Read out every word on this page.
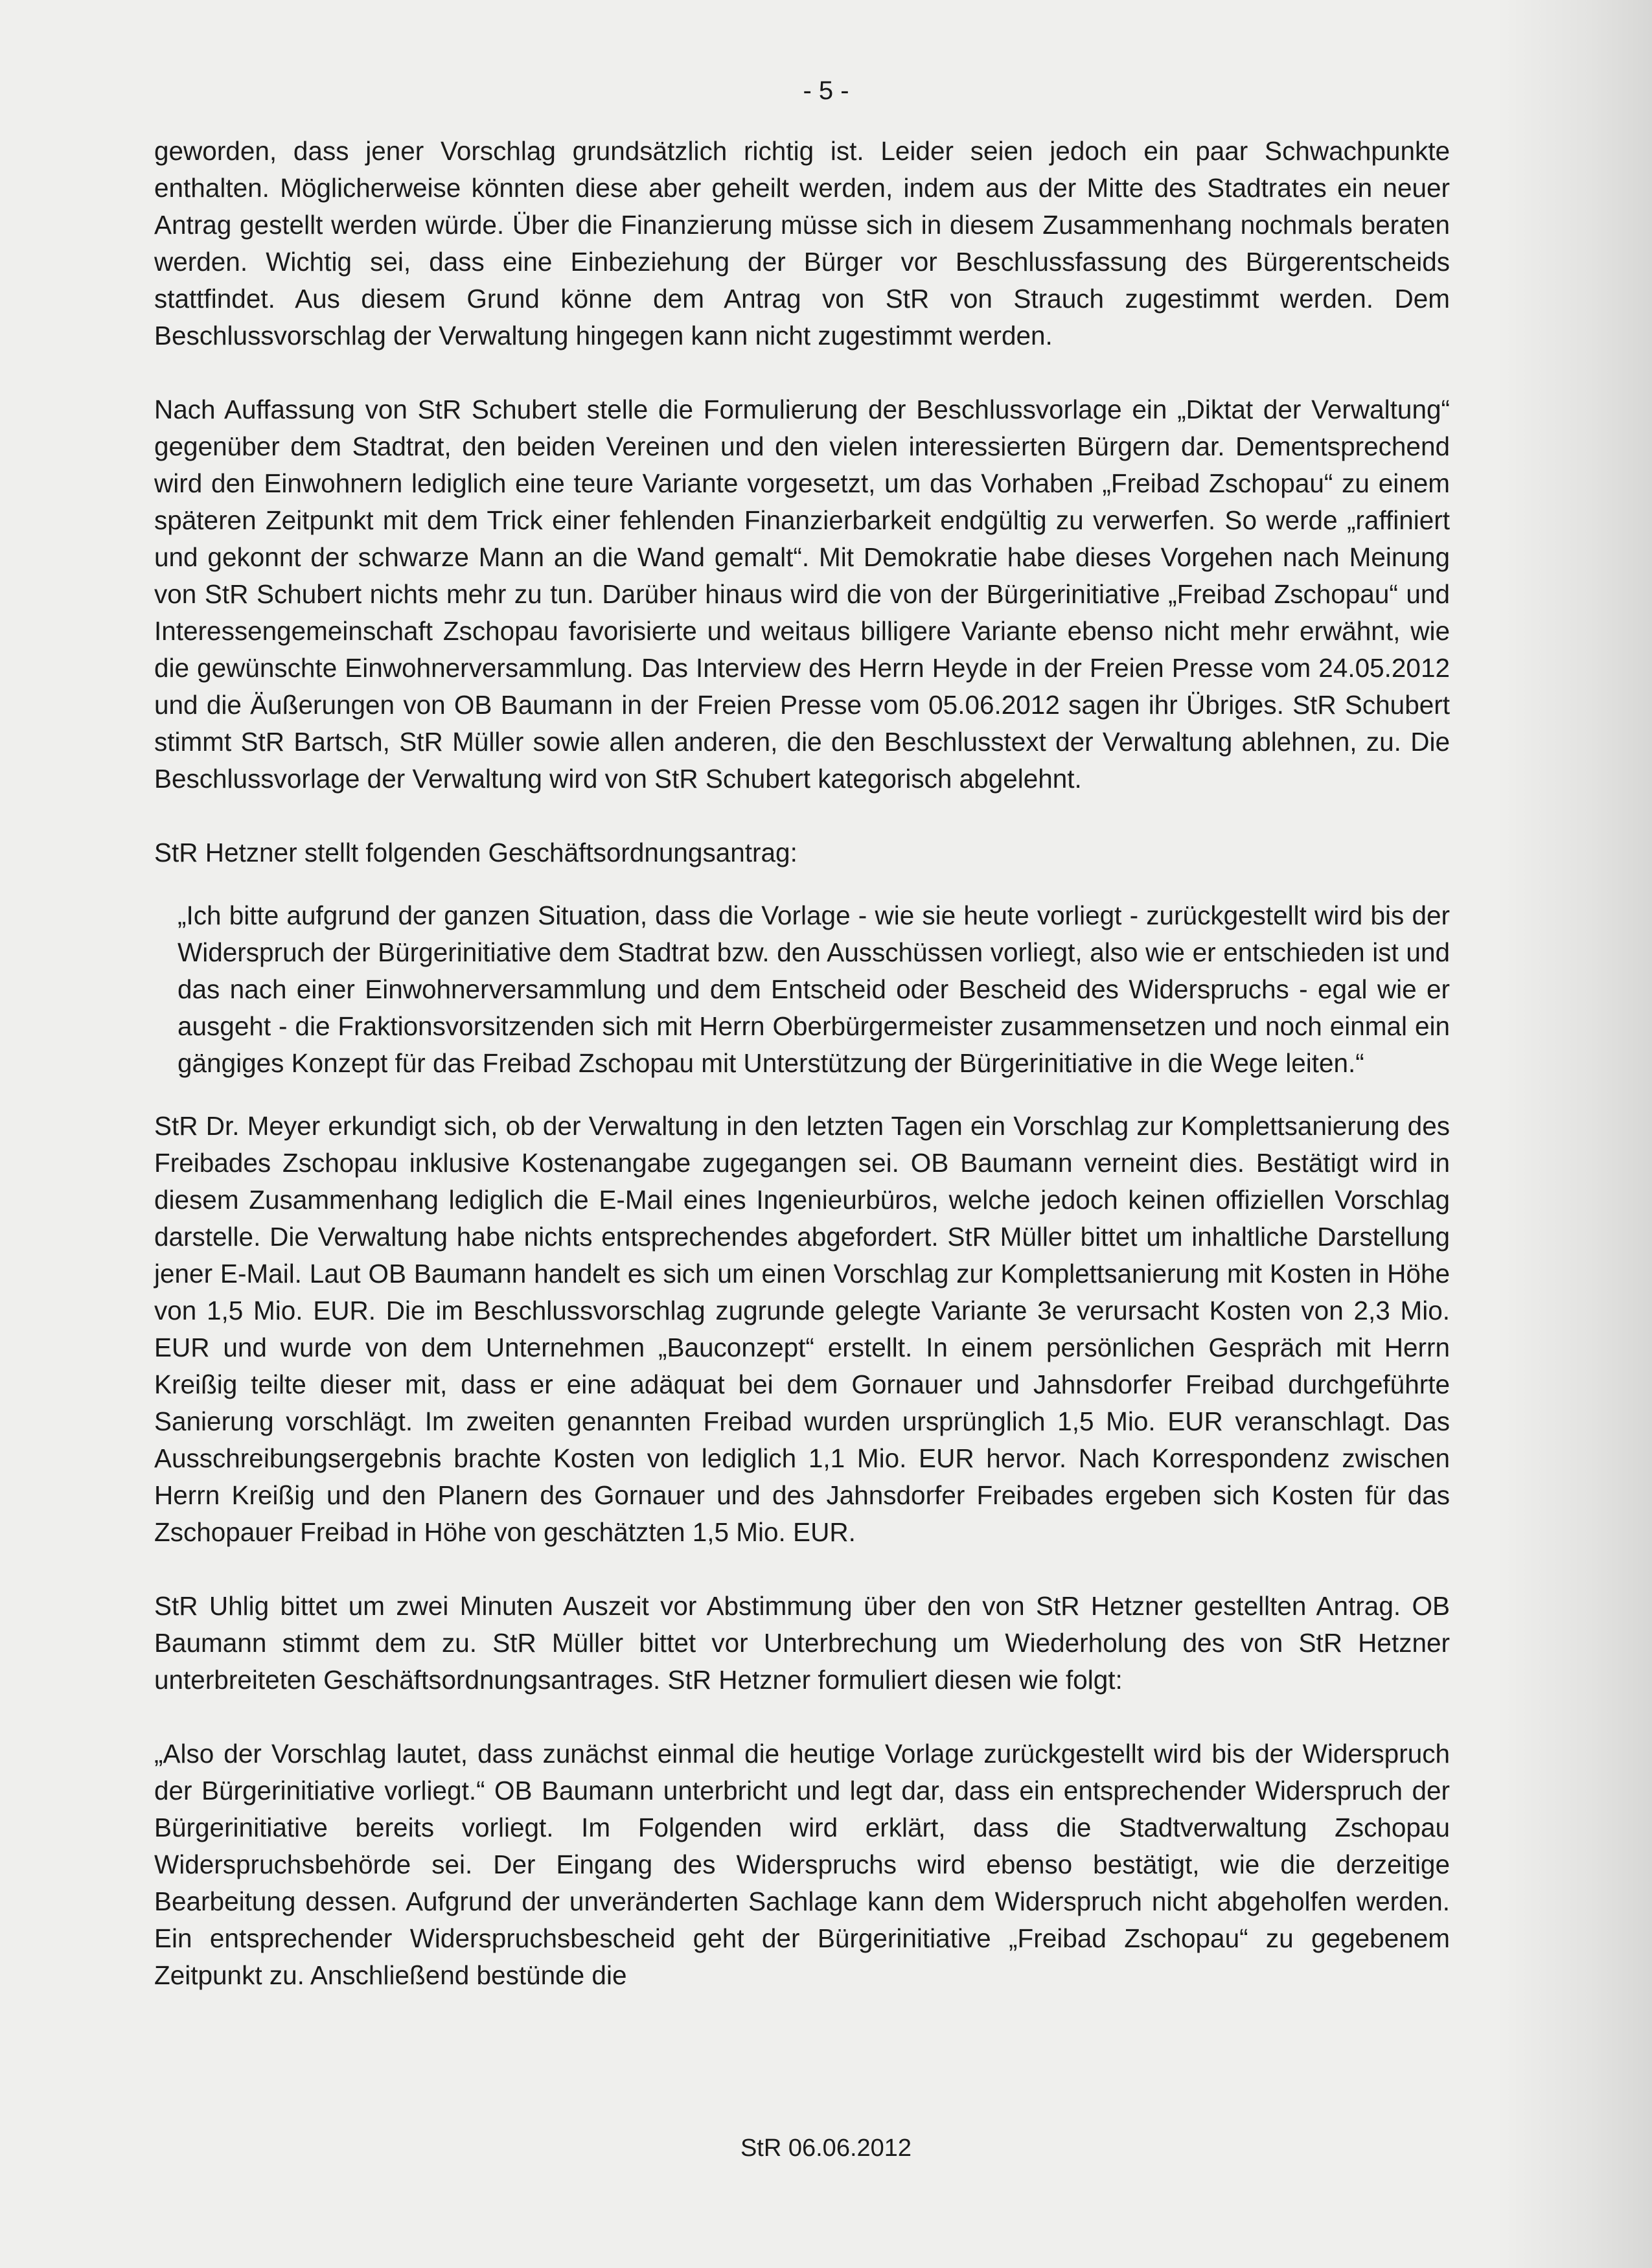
- 5 -

geworden, dass jener Vorschlag grundsätzlich richtig ist. Leider seien jedoch ein paar Schwachpunkte enthalten. Möglicherweise könnten diese aber geheilt werden, indem aus der Mitte des Stadtrates ein neuer Antrag gestellt werden würde. Über die Finanzierung müsse sich in diesem Zusammenhang nochmals beraten werden. Wichtig sei, dass eine Einbeziehung der Bürger vor Beschlussfassung des Bürgerentscheids stattfindet. Aus diesem Grund könne dem Antrag von StR von Strauch zugestimmt werden. Dem Beschlussvorschlag der Verwaltung hingegen kann nicht zugestimmt werden.

Nach Auffassung von StR Schubert stelle die Formulierung der Beschlussvorlage ein „Diktat der Verwaltung“ gegenüber dem Stadtrat, den beiden Vereinen und den vielen interessierten Bürgern dar. Dementsprechend wird den Einwohnern lediglich eine teure Variante vorgesetzt, um das Vorhaben „Freibad Zschopau“ zu einem späteren Zeitpunkt mit dem Trick einer fehlenden Finanzierbarkeit endgültig zu verwerfen. So werde „raffiniert und gekonnt der schwarze Mann an die Wand gemalt“. Mit Demokratie habe dieses Vorgehen nach Meinung von StR Schubert nichts mehr zu tun. Darüber hinaus wird die von der Bürgerinitiative „Freibad Zschopau“ und Interessengemeinschaft Zschopau favorisierte und weitaus billigere Variante ebenso nicht mehr erwähnt, wie die gewünschte Einwohnerversammlung. Das Interview des Herrn Heyde in der Freien Presse vom 24.05.2012 und die Äußerungen von OB Baumann in der Freien Presse vom 05.06.2012 sagen ihr Übriges. StR Schubert stimmt StR Bartsch, StR Müller sowie allen anderen, die den Beschlusstext der Verwaltung ablehnen, zu. Die Beschlussvorlage der Verwaltung wird von StR Schubert kategorisch abgelehnt.

StR Hetzner stellt folgenden Geschäftsordnungsantrag:

„Ich bitte aufgrund der ganzen Situation, dass die Vorlage - wie sie heute vorliegt - zurückgestellt wird bis der Widerspruch der Bürgerinitiative dem Stadtrat bzw. den Ausschüssen vorliegt, also wie er entschieden ist und das nach einer Einwohnerversammlung und dem Entscheid oder Bescheid des Widerspruchs - egal wie er ausgeht - die Fraktionsvorsitzenden sich mit Herrn Oberbürgermeister zusammensetzen und noch einmal ein gängiges Konzept für das Freibad Zschopau mit Unterstützung der Bürgerinitiative in die Wege leiten.“

StR Dr. Meyer erkundigt sich, ob der Verwaltung in den letzten Tagen ein Vorschlag zur Komplettsanierung des Freibades Zschopau inklusive Kostenangabe zugegangen sei. OB Baumann verneint dies. Bestätigt wird in diesem Zusammenhang lediglich die E-Mail eines Ingenieurbüros, welche jedoch keinen offiziellen Vorschlag darstelle. Die Verwaltung habe nichts entsprechendes abgefordert. StR Müller bittet um inhaltliche Darstellung jener E-Mail. Laut OB Baumann handelt es sich um einen Vorschlag zur Komplettsanierung mit Kosten in Höhe von 1,5 Mio. EUR. Die im Beschlussvorschlag zugrunde gelegte Variante 3e verursacht Kosten von 2,3 Mio. EUR und wurde von dem Unternehmen „Bauconzept“ erstellt. In einem persönlichen Gespräch mit Herrn Kreißig teilte dieser mit, dass er eine adäquat bei dem Gornauer und Jahnsdorfer Freibad durchgeführte Sanierung vorschlägt. Im zweiten genannten Freibad wurden ursprünglich 1,5 Mio. EUR veranschlagt. Das Ausschreibungsergebnis brachte Kosten von lediglich 1,1 Mio. EUR hervor. Nach Korrespondenz zwischen Herrn Kreißig und den Planern des Gornauer und des Jahnsdorfer Freibades ergeben sich Kosten für das Zschopauer Freibad in Höhe von geschätzten 1,5 Mio. EUR.

StR Uhlig bittet um zwei Minuten Auszeit vor Abstimmung über den von StR Hetzner gestellten Antrag. OB Baumann stimmt dem zu. StR Müller bittet vor Unterbrechung um Wiederholung des von StR Hetzner unterbreiteten Geschäftsordnungsantrages. StR Hetzner formuliert diesen wie folgt:

„Also der Vorschlag lautet, dass zunächst einmal die heutige Vorlage zurückgestellt wird bis der Widerspruch der Bürgerinitiative vorliegt.“ OB Baumann unterbricht und legt dar, dass ein entsprechender Widerspruch der Bürgerinitiative bereits vorliegt. Im Folgenden wird erklärt, dass die Stadtverwaltung Zschopau Widerspruchsbehörde sei. Der Eingang des Widerspruchs wird ebenso bestätigt, wie die derzeitige Bearbeitung dessen. Aufgrund der unveränderten Sachlage kann dem Widerspruch nicht abgeholfen werden. Ein entsprechender Widerspruchsbescheid geht der Bürgerinitiative „Freibad Zschopau“ zu gegebenem Zeitpunkt zu. Anschließend bestünde die

StR 06.06.2012
